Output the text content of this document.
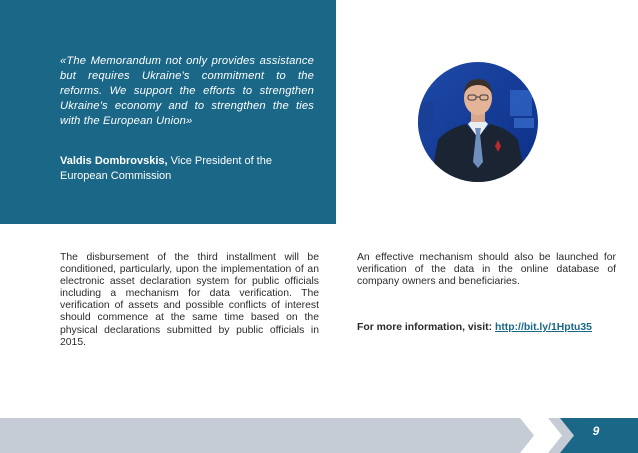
«The Memorandum not only provides assistance but requires Ukraine’s commitment to the reforms. We support the efforts to strengthen Ukraine’s economy and to strengthen the ties with the European Union»

Valdis Dombrovskis, Vice President of the European Commission

The disbursement of the third installment will be conditioned, particularly, upon the implementation of an electronic asset declaration system for public officials including a mechanism for data verification. The verification of assets and possible conflicts of interest should commence at the same time based on the physical declarations submitted by public officials in 2015.

An effective mechanism should also be launched for verification of the data in the online database of company owners and beneficiaries.

For more information, visit: http://bit.ly/1Hptu35

9
